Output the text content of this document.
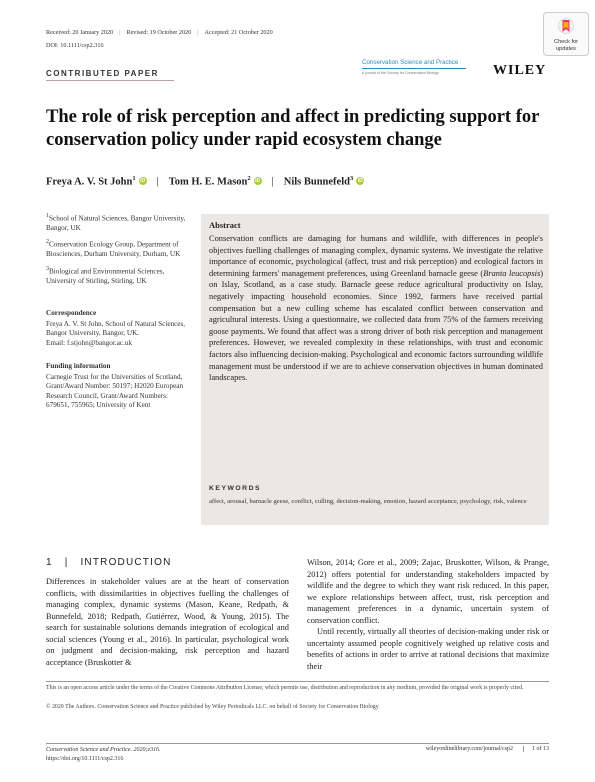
Received: 20 January 2020 | Revised: 19 October 2020 | Accepted: 21 October 2020
DOI: 10.1111/csp2.316	Check for
updates
CONTRIBUTED PAPER
Conservation Science and Practice
A journal of the Society for Conservation Biology	WILEY
The role of risk perception and affect in predicting support for conservation policy under rapid ecosystem change
Freya A. V. St John$^1$ iD | Tom H. E. Mason$^2$ iD | Nils Bunnefeld$^3$ iD

$^1$School of Natural Sciences, Bangor University, Bangor, UK

$^2$Conservation Ecology Group, Department of Biosciences, Durham University, Durham, UK

$^3$Biological and Environmental Sciences, University of Stirling, Stirling, UK

Correspondence
Freya A. V. St John, School of Natural Sciences, Bangor University, Bangor, UK.
Email: f.stjohn@bangor.ac.uk
Funding information
Carnegie Trust for the Universities of Scotland, Grant/Award Number: 50197; H2020 European Research Council, Grant/Award Numbers: 679651, 755965; University of Kent
Abstract
Conservation conflicts are damaging for humans and wildlife, with differences in people's objectives fuelling challenges of managing complex, dynamic systems. We investigate the relative importance of economic, psychological (affect, trust and risk perception) and ecological factors in determining farmers' management preferences, using Greenland barnacle geese (Branta leucopsis) on Islay, Scotland, as a case study. Barnacle geese reduce agricultural productivity on Islay, negatively impacting household economies. Since 1992, farmers have received partial compensation but a new culling scheme has escalated conflict between conservation and agricultural interests. Using a questionnaire, we collected data from 75% of the farmers receiving goose payments. We found that affect was a strong driver of both risk perception and management preferences. However, we revealed complexity in these relationships, with trust and economic factors also influencing decision-making. Psychological and economic factors surrounding wildlife management must be understood if we are to achieve conservation objectives in human dominated landscapes.
KEYWORDS
affect, arousal, barnacle geese, conflict, culling, decision-making, emotion, hazard acceptance, psychology, risk, valence
1   |   INTRODUCTION
Differences in stakeholder values are at the heart of conservation conflicts, with dissimilarities in objectives fuelling the challenges of managing complex, dynamic systems (Mason, Keane, Redpath, & Bunnefeld, 2018; Redpath, Gutiérrez, Wood, & Young, 2015). The search for sustainable solutions demands integration of ecological and social sciences (Young et al., 2016). In particular, psychological work on judgment and decision-making, risk perception and hazard acceptance (Bruskotter &

Wilson, 2014; Gore et al., 2009; Zajac, Bruskotter, Wilson, & Prange, 2012) offers potential for understanding stakeholders impacted by wildlife and the degree to which they want risk reduced. In this paper, we explore relationships between affect, trust, risk perception and management preferences in a dynamic, uncertain system of conservation conflict.

Until recently, virtually all theories of decision-making under risk or uncertainty assumed people cognitively weighed up relative costs and benefits of actions in order to arrive at rational decisions that maximize their

This is an open access article under the terms of the Creative Commons Attribution License, which permits use, distribution and reproduction in any medium, provided the original work is properly cited.
© 2020 The Authors. Conservation Science and Practice published by Wiley Periodicals LLC. on behalf of Society for Conservation Biology
Conservation Science and Practice. 2020;e316.
https://doi.org/10.1111/csp2.316
wileyonlinelibrary.com/journal/csp2	1 of 13
